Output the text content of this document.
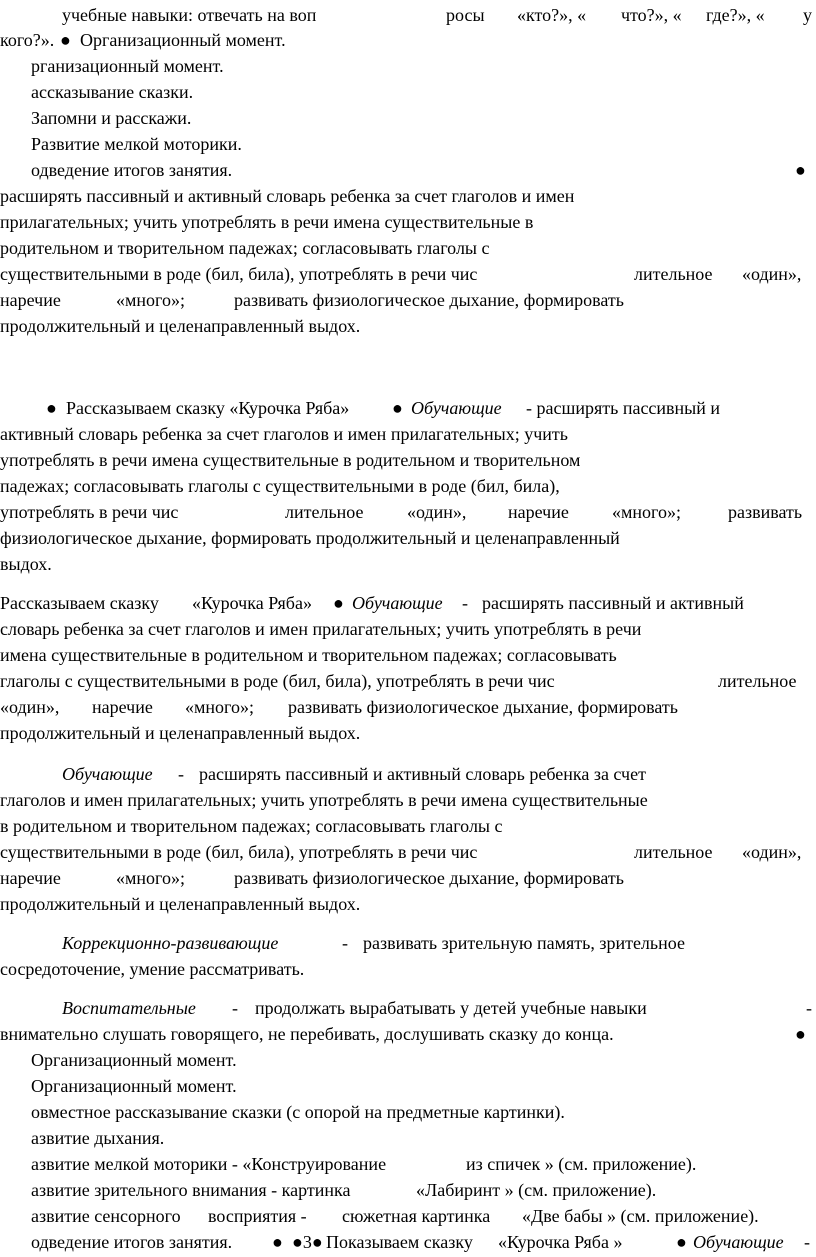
учебные навыки: отвечать на воп	росы «кто?», « что?», « где?», « у
кого?». ● Организационный момент.
рганизационный момент.
ассказывание сказки.
Запомни и расскажи.
Развитие мелкой моторики.
одведение итогов занятия.	●
расширять пассивный и активный словарь ребенка за счет глаголов и имен
прилагательных; учить употреблять в речи имена существительные в
родительном и творительном падежах; согласовывать глаголы с
существительными в роде (бил, била), употреблять в речи чис	лительное «один»,
наречие	«много»;	развивать физиологическое дыхание, формировать
продолжительный и целенаправленный выдох.
● Рассказываем сказку «Курочка Ряба» ● Обучающие - расширять пассивный и
активный словарь ребенка за счет глаголов и имен прилагательных; учить
употреблять в речи имена существительные в родительном и творительном
падежах; согласовывать глаголы с существительными в роде (бил, била),
употреблять в речи чис	лительное «один», наречие «много»;	развивать
физиологическое дыхание, формировать продолжительный и целенаправленный
выдох.
Рассказываем сказку «Курочка Ряба» ● Обучающие - расширять пассивный и активный
словарь ребенка за счет глаголов и имен прилагательных; учить употреблять в речи
имена существительные в родительном и творительном падежах; согласовывать
глаголы с существительными в роде (бил, била), употреблять в речи чис	лительное
«один», наречие «много»; развивать физиологическое дыхание, формировать
продолжительный и целенаправленный выдох.
Обучающие - расширять пассивный и активный словарь ребенка за счет
глаголов и имен прилагательных; учить употреблять в речи имена существительные
в родительном и творительном падежах; согласовывать глаголы с
существительными в роде (бил, била), употреблять в речи чис	лительное «один»,
наречие	«много»;	развивать физиологическое дыхание, формировать
продолжительный и целенаправленный выдох.
Коррекционно-развивающие	- развивать зрительную память, зрительное
сосредоточение, умение рассматривать.
Воспитательные - продолжать вырабатывать у детей учебные навыки	-
внимательно слушать говорящего, не перебивать, дослушивать сказку до конца.	●
Организационный момент.
Организационный момент.
овместное рассказывание сказки (с опорой на предметные картинки).
азвитие дыхания.
азвитие мелкой моторики - «Конструирование	из спичек » (см. приложение).
азвитие зрительного внимания - картинка	«Лабиринт » (см. приложение).
азвитие сенсорного восприятия - сюжетная картинка «Две бабы » (см. приложение).
одведение итогов занятия. ● ●3● Показываем сказку «Курочка Ряба »	● Обучающие -
